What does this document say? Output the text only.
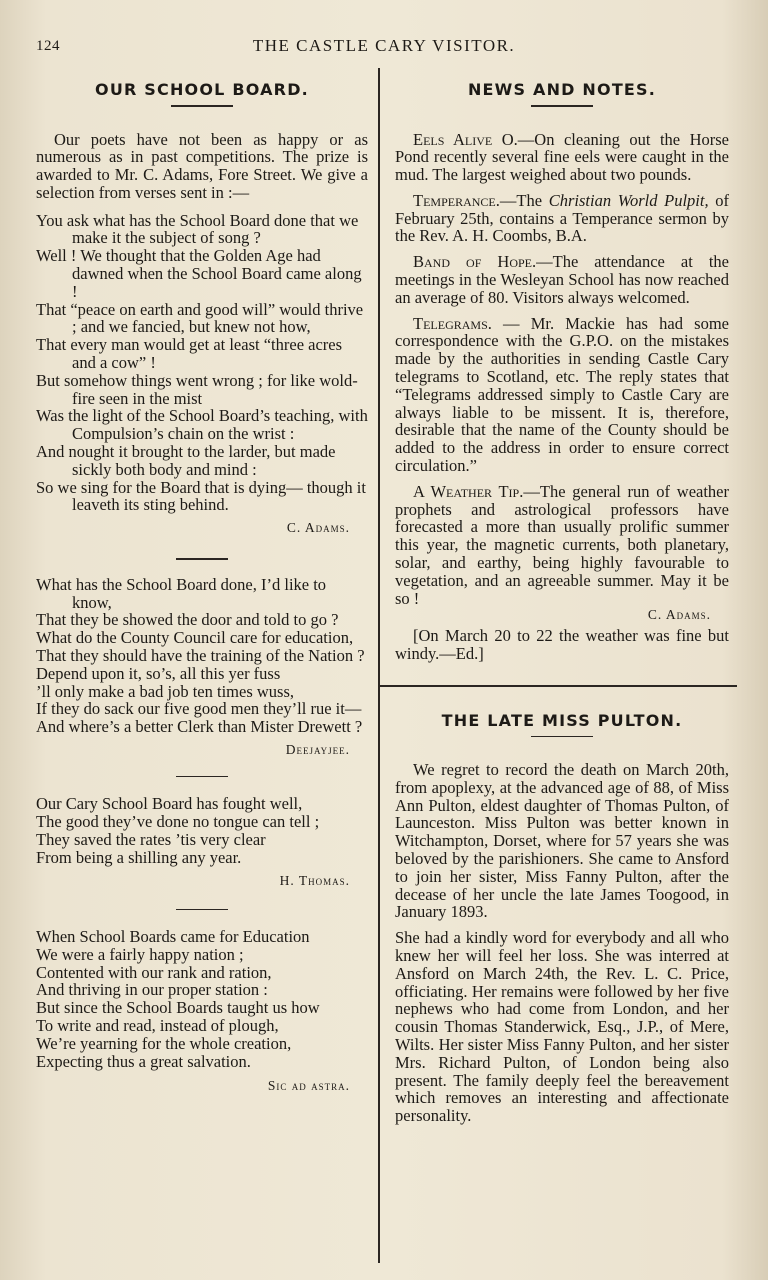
124	THE CASTLE CARY VISITOR.
OUR SCHOOL BOARD.

Our poets have not been as happy or as numerous as in past competitions. The prize is awarded to Mr. C. Adams, Fore Street. We give a selection from verses sent in :—

You ask what has the School Board done that we make it the subject of song ?
Well ! We thought that the Golden Age had dawned when the School Board came along !
That “peace on earth and good will” would thrive ; and we fancied, but knew not how,
That every man would get at least “three acres and a cow” !
But somehow things went wrong ; for like wold-fire seen in the mist
Was the light of the School Board’s teaching, with Compulsion’s chain on the wrist :
And nought it brought to the larder, but made sickly both body and mind :
So we sing for the Board that is dying— though it leaveth its sting behind.

C. Adams.

What has the School Board done, I’d like to know,
That they be showed the door and told to go ?
What do the County Council care for education,
That they should have the training of the Nation ?
Depend upon it, so’s, all this yer fuss
’ll only make a bad job ten times wuss,
If they do sack our five good men they’ll rue it—
And where’s a better Clerk than Mister Drewett ?

Deejayjee.

Our Cary School Board has fought well,
The good they’ve done no tongue can tell ;
They saved the rates ’tis very clear
From being a shilling any year.

H. Thomas.

When School Boards came for Education
We were a fairly happy nation ;
Contented with our rank and ration,
And thriving in our proper station :
But since the School Boards taught us how
To write and read, instead of plough,
We’re yearning for the whole creation,
Expecting thus a great salvation.

Sic ad astra.

NEWS AND NOTES.

Eels Alive O.—On cleaning out the Horse Pond recently several fine eels were caught in the mud. The largest weighed about two pounds.

Temperance.—The Christian World Pulpit, of February 25th, contains a Temperance sermon by the Rev. A. H. Coombs, B.A.

Band of Hope.—The attendance at the meetings in the Wesleyan School has now reached an average of 80. Visitors always welcomed.

Telegrams. — Mr. Mackie has had some correspondence with the G.P.O. on the mistakes made by the authorities in sending Castle Cary telegrams to Scotland, etc. The reply states that “Telegrams addressed simply to Castle Cary are always liable to be missent. It is, therefore, desirable that the name of the County should be added to the address in order to ensure correct circulation.”

A Weather Tip.—The general run of weather prophets and astrological professors have forecasted a more than usually prolific summer this year, the magnetic currents, both planetary, solar, and earthy, being highly favourable to vegetation, and an agreeable summer. May it be so !

C. Adams.

[On March 20 to 22 the weather was fine but windy.—Ed.]

THE LATE MISS PULTON.

We regret to record the death on March 20th, from apoplexy, at the advanced age of 88, of Miss Ann Pulton, eldest daughter of Thomas Pulton, of Launceston. Miss Pulton was better known in Witchampton, Dorset, where for 57 years she was beloved by the parishioners. She came to Ansford to join her sister, Miss Fanny Pulton, after the decease of her uncle the late James Toogood, in January 1893.

She had a kindly word for everybody and all who knew her will feel her loss. She was interred at Ansford on March 24th, the Rev. L. C. Price, officiating. Her remains were followed by her five nephews who had come from London, and her cousin Thomas Standerwick, Esq., J.P., of Mere, Wilts. Her sister Miss Fanny Pulton, and her sister Mrs. Richard Pulton, of London being also present. The family deeply feel the bereavement which removes an interesting and affectionate personality.
